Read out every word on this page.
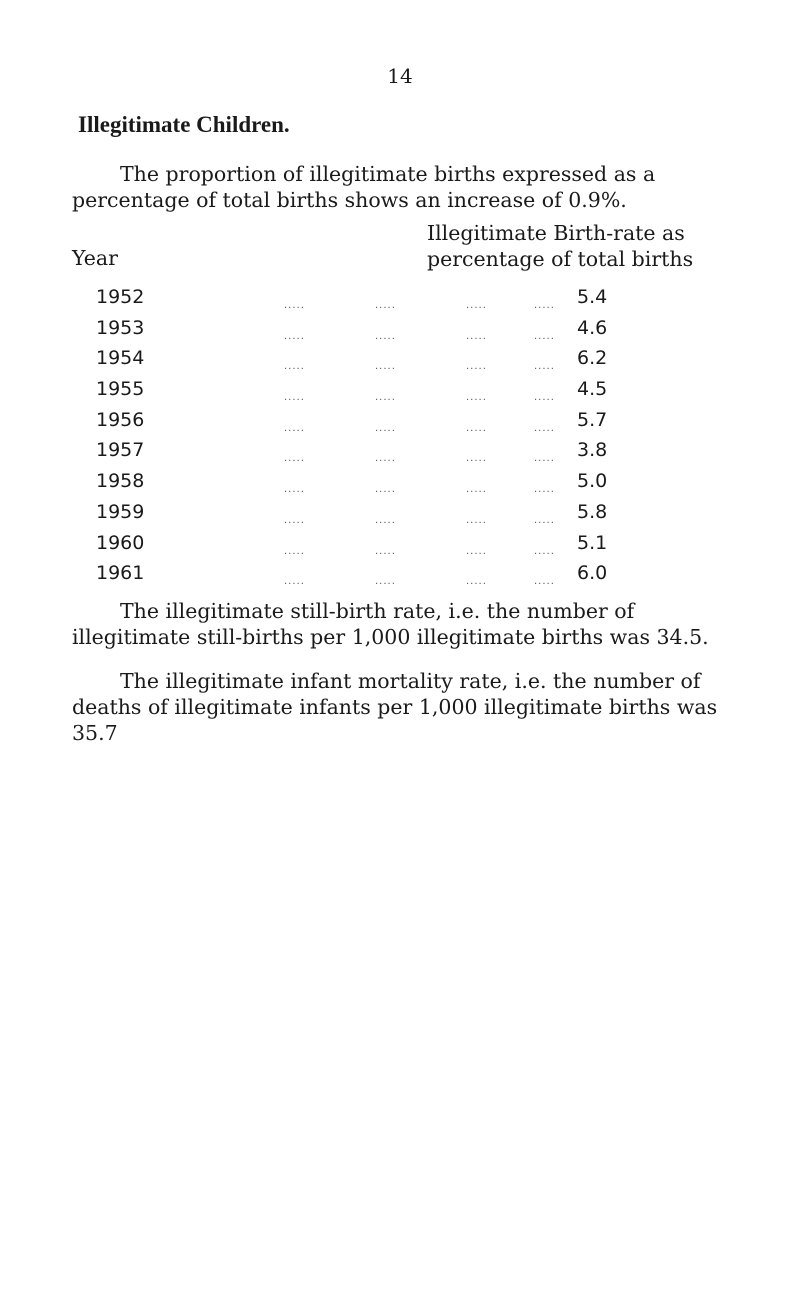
14
Illegitimate Children.
The proportion of illegitimate births expressed as a percentage of total births shows an increase of 0.9%.
Year
Illegitimate Birth-rate as percentage of total births
1952	.....	.....	.....	..... 5.4
1953	.....	.....	.....	..... 4.6
1954	.....	.....	.....	..... 6.2
1955	.....	.....	.....	..... 4.5
1956	.....	.....	.....	..... 5.7
1957	.....	.....	.....	..... 3.8
1958	.....	.....	.....	..... 5.0
1959	.....	.....	.....	..... 5.8
1960	.....	.....	.....	..... 5.1
1961	.....	.....	.....	..... 6.0
The illegitimate still-birth rate, i.e. the number of illegitimate still-births per 1,000 illegitimate births was 34.5.
The illegitimate infant mortality rate, i.e. the number of deaths of illegitimate infants per 1,000 illegitimate births was 35.7
